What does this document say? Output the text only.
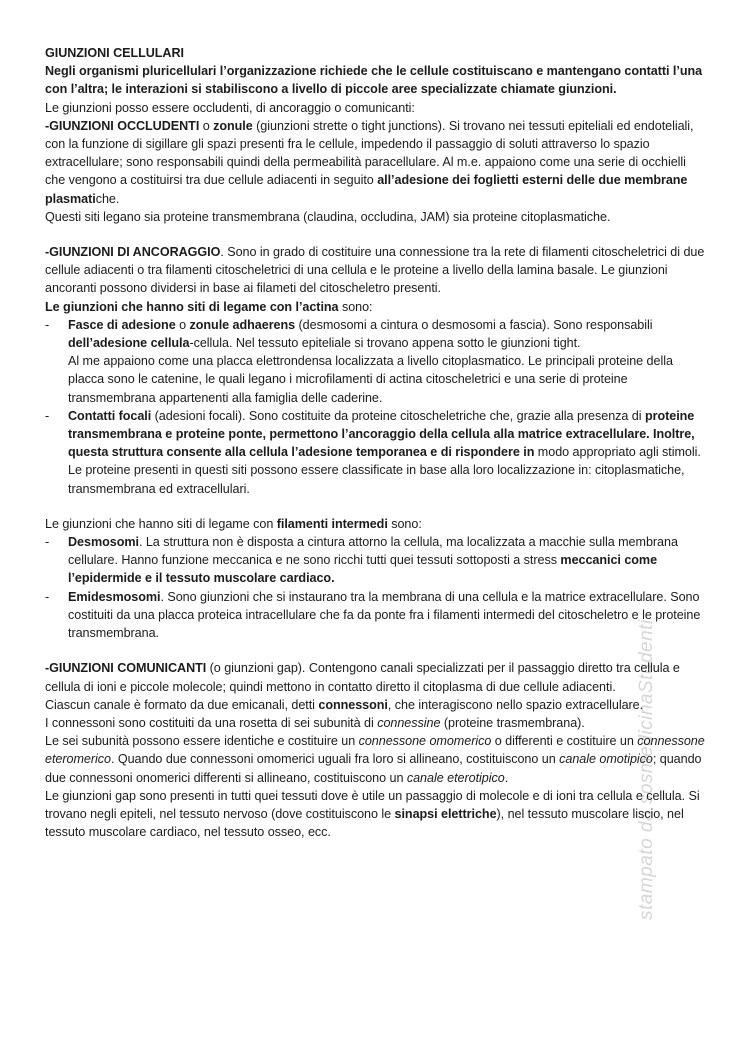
stampato da sosmedicinaStudenti

GIUNZIONI CELLULARI

Negli organismi pluricellulari l’organizzazione richiede che le cellule costituiscano e mantengano contatti l’una con l’altra; le interazioni si stabiliscono a livello di piccole aree specializzate chiamate giunzioni.

Le giunzioni posso essere occludenti, di ancoraggio o comunicanti:

-GIUNZIONI OCCLUDENTI o zonule (giunzioni strette o tight junctions). Si trovano nei tessuti epiteliali ed endoteliali, con la funzione di sigillare gli spazi presenti fra le cellule, impedendo il passaggio di soluti attraverso lo spazio extracellulare; sono responsabili quindi della permeabilità paracellulare. Al m.e. appaiono come una serie di occhielli che vengono a costituirsi tra due cellule adiacenti in seguito all’adesione dei foglietti esterni delle due membrane plasmatiche.

Questi siti legano sia proteine transmembrana (claudina, occludina, JAM) sia proteine citoplasmatiche.

-GIUNZIONI DI ANCORAGGIO. Sono in grado di costituire una connessione tra la rete di filamenti citoscheletrici di due cellule adiacenti o tra filamenti citoscheletrici di una cellula e le proteine a livello della lamina basale. Le giunzioni ancoranti possono dividersi in base ai filameti del citoscheletro presenti.

Le giunzioni che hanno siti di legame con l’actina sono:

- Fasce di adesione o zonule adhaerens (desmosomi a cintura o desmosomi a fascia). Sono responsabili dell’adesione cellula-cellula. Nel tessuto epiteliale si trovano appena sotto le giunzioni tight.

Al me appaiono come una placca elettrondensa localizzata a livello citoplasmatico. Le principali proteine della placca sono le catenine, le quali legano i microfilamenti di actina citoscheletrici e una serie di proteine transmembrana appartenenti alla famiglia delle caderine.

- Contatti focali (adesioni focali). Sono costituite da proteine citoscheletriche che, grazie alla presenza di proteine transmembrana e proteine ponte, permettono l’ancoraggio della cellula alla matrice extracellulare. Inoltre, questa struttura consente alla cellula l’adesione temporanea e di rispondere in modo appropriato agli stimoli.

Le proteine presenti in questi siti possono essere classificate in base alla loro localizzazione in: citoplasmatiche, transmembrana ed extracellulari.

Le giunzioni che hanno siti di legame con filamenti intermedi sono:

- Desmosomi. La struttura non è disposta a cintura attorno la cellula, ma localizzata a macchie sulla membrana cellulare. Hanno funzione meccanica e ne sono ricchi tutti quei tessuti sottoposti a stress meccanici come l’epidermide e il tessuto muscolare cardiaco.

- Emidesmosomi. Sono giunzioni che si instaurano tra la membrana di una cellula e la matrice extracellulare. Sono costituiti da una placca proteica intracellulare che fa da ponte fra i filamenti intermedi del citoscheletro e le proteine transmembrana.

-GIUNZIONI COMUNICANTI (o giunzioni gap). Contengono canali specializzati per il passaggio diretto tra cellula e cellula di ioni e piccole molecole; quindi mettono in contatto diretto il citoplasma di due cellule adiacenti.

Ciascun canale è formato da due emicanali, detti connessoni, che interagiscono nello spazio extracellulare.

I connessoni sono costituiti da una rosetta di sei subunità di connessine (proteine trasmembrana).

Le sei subunità possono essere identiche e costituire un connessone omomerico o differenti e costituire un connessone eteromerico. Quando due connessoni omomerici uguali fra loro si allineano, costituiscono un canale omotipico; quando due connessoni onomerici differenti si allineano, costituiscono un canale eterotipico.

Le giunzioni gap sono presenti in tutti quei tessuti dove è utile un passaggio di molecole e di ioni tra cellula e cellula. Si trovano negli epiteli, nel tessuto nervoso (dove costituiscono le sinapsi elettriche), nel tessuto muscolare liscio, nel tessuto muscolare cardiaco, nel tessuto osseo, ecc.
